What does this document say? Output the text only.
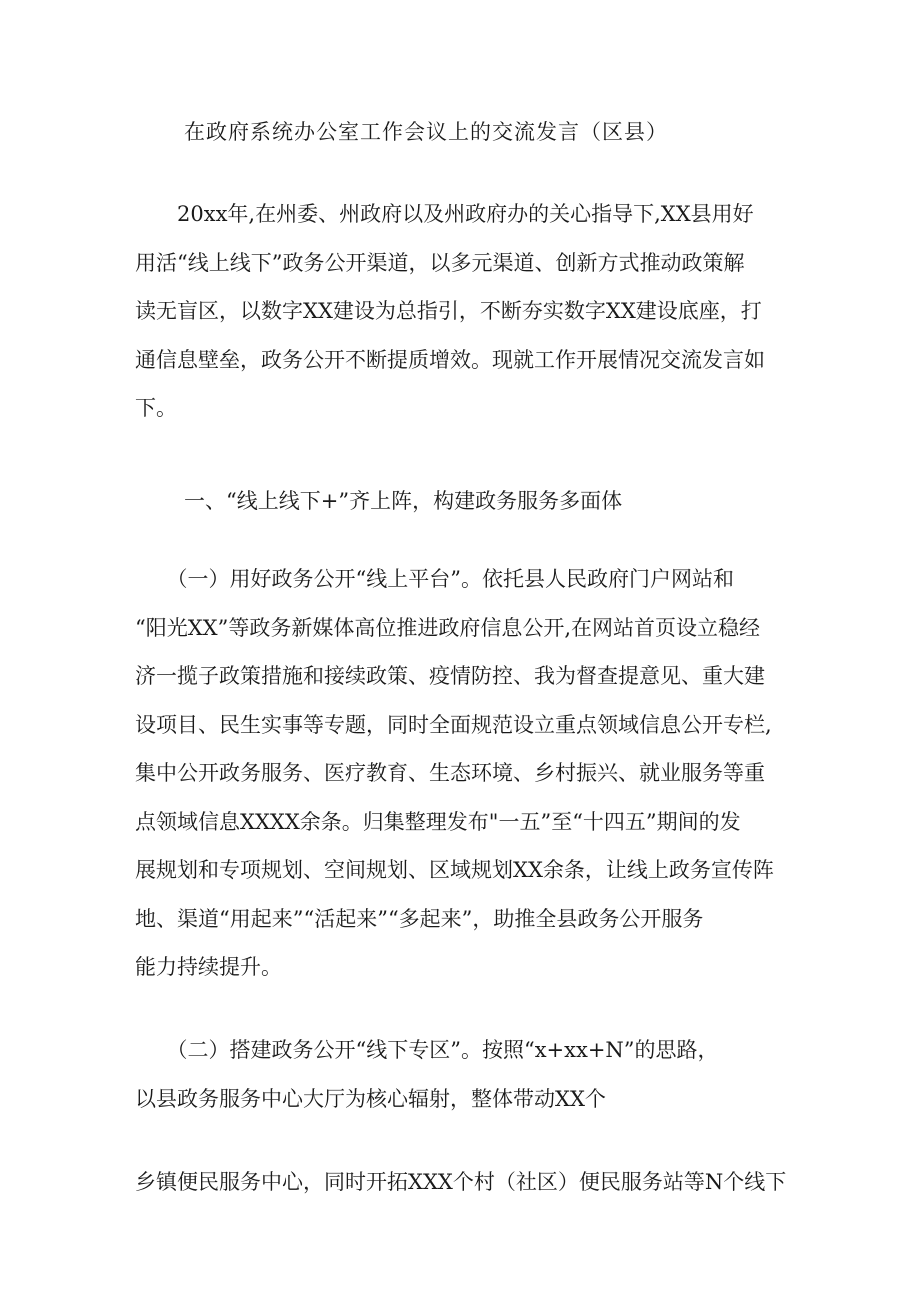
在政府系统办公室工作会议上的交流发言（区县）
　　20xx年,在州委、州政府以及州政府办的关心指导下,XX县用好
用活“线上线下”政务公开渠道，以多元渠道、创新方式推动政策解
读无盲区，以数字XX建设为总指引，不断夯实数字XX建设底座，打
通信息壁垒，政务公开不断提质增效。现就工作开展情况交流发言如
下。
一、“线上线下+”齐上阵，构建政务服务多面体
　　（一）用好政务公开“线上平台”。依托县人民政府门户网站和
“阳光XX”等政务新媒体高位推进政府信息公开,在网站首页设立稳经
济一揽子政策措施和接续政策、疫情防控、我为督查提意见、重大建
设项目、民生实事等专题，同时全面规范设立重点领域信息公开专栏,
集中公开政务服务、医疗教育、生态环境、乡村振兴、就业服务等重
点领域信息XXXX余条。归集整理发布"一五”至“十四五”期间的发
展规划和专项规划、空间规划、区域规划XX余条，让线上政务宣传阵
地、渠道“用起来”“活起来”“多起来”，助推全县政务公开服务
能力持续提升。
　　（二）搭建政务公开“线下专区”。按照“x+xx+N”的思路，
以县政务服务中心大厅为核心辐射，整体带动XX个
乡镇便民服务中心，同时开拓XXX个村（社区）便民服务站等N个线下
